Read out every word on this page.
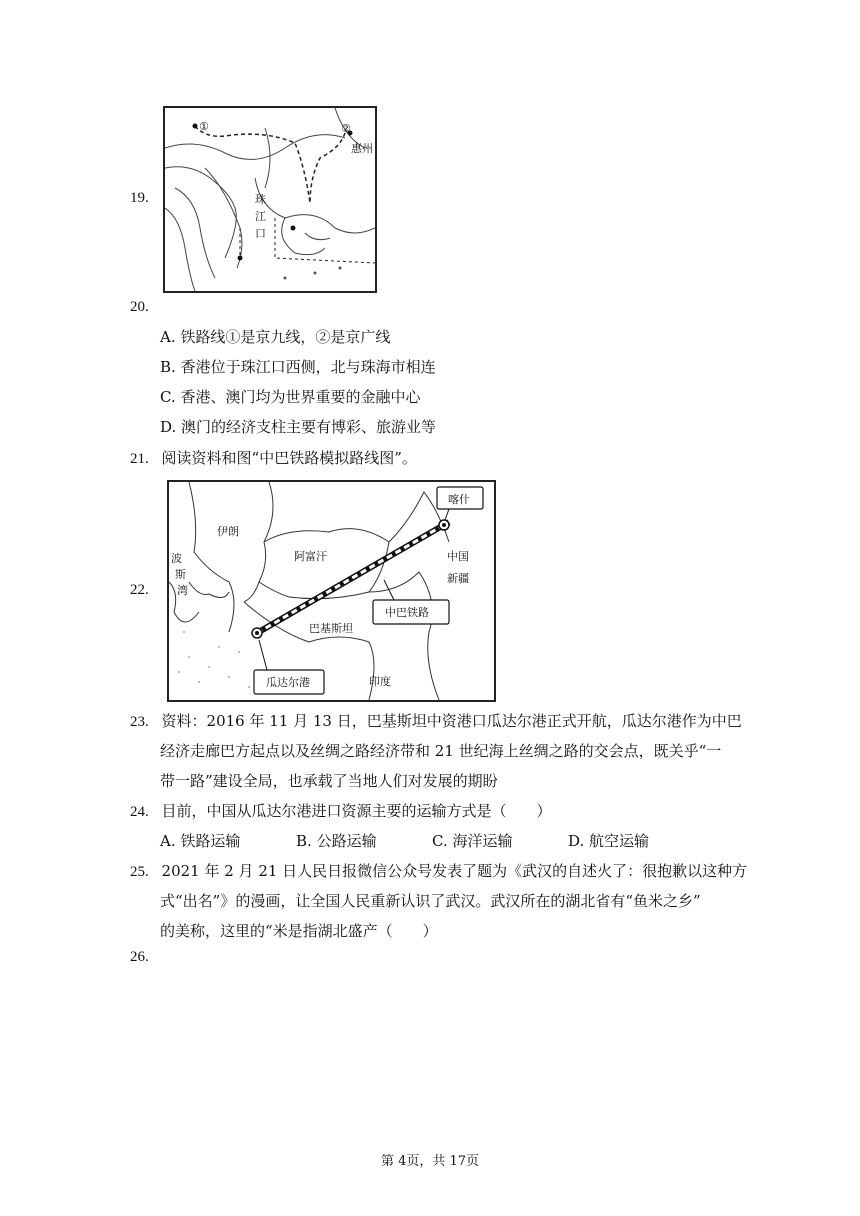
19.
①	②
惠州
珠
江
口
20.
A. 铁路线①是京九线，②是京广线
B. 香港位于珠江口西侧，北与珠海市相连
C. 香港、澳门均为世界重要的金融中心
D. 澳门的经济支柱主要有博彩、旅游业等
21. 阅读资料和图“中巴铁路模拟路线图”。
22.
喀什
中巴铁路
瓜达尔港
伊朗
阿富汗	中国
新疆
波
斯
湾
巴基斯坦
印度
23. 资料：2016 年 11 月 13 日，巴基斯坦中资港口瓜达尔港正式开航，瓜达尔港作为中巴
经济走廊巴方起点以及丝绸之路经济带和 21 世纪海上丝绸之路的交会点，既关乎“一
带一路”建设全局，也承载了当地人们对发展的期盼
24. 目前，中国从瓜达尔港进口资源主要的运输方式是（　　）
A. 铁路运输	B. 公路运输	C. 海洋运输	D. 航空运输
25. 2021 年 2 月 21 日人民日报微信公众号发表了题为《武汉的自述火了：很抱歉以这种方
式“出名”》的漫画，让全国人民重新认识了武汉。武汉所在的湖北省有“鱼米之乡”
的美称，这里的“米是指湖北盛产（　　）
26.
第 4页，共 17页
